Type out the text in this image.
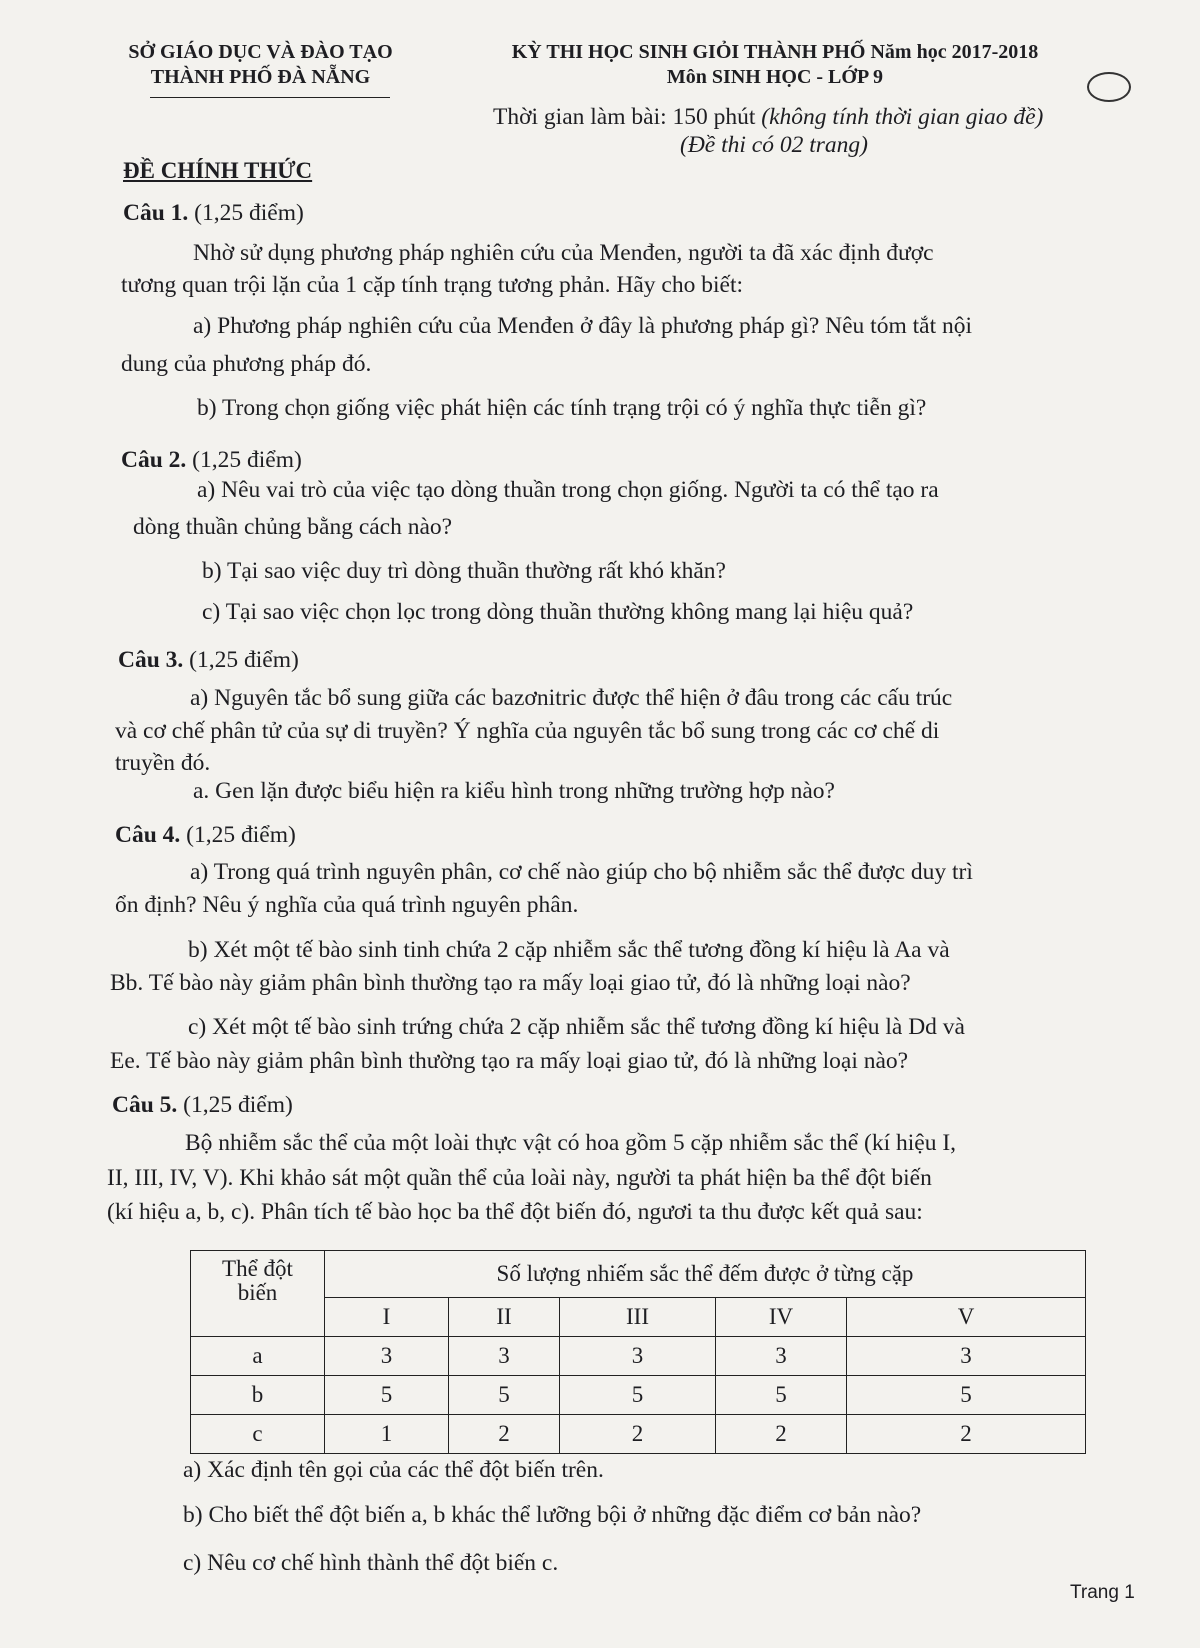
SỞ GIÁO DỤC VÀ ĐÀO TẠO
THÀNH PHỐ ĐÀ NẴNG
KỲ THI HỌC SINH GIỎI THÀNH PHỐ Năm học 2017-2018
Môn SINH HỌC - LỚP 9
Thời gian làm bài: 150 phút (không tính thời gian giao đề)
(Đề thi có 02 trang)
ĐỀ CHÍNH THỨC
Câu 1. (1,25 điểm)
Nhờ sử dụng phương pháp nghiên cứu của Menđen, người ta đã xác định được
tương quan trội lặn của 1 cặp tính trạng tương phản. Hãy cho biết:
a) Phương pháp nghiên cứu của Menđen ở đây là phương pháp gì? Nêu tóm tắt nội
dung của phương pháp đó.
b) Trong chọn giống việc phát hiện các tính trạng trội có ý nghĩa thực tiễn gì?
Câu 2. (1,25 điểm)
a) Nêu vai trò của việc tạo dòng thuần trong chọn giống. Người ta có thể tạo ra
dòng thuần chủng bằng cách nào?
b) Tại sao việc duy trì dòng thuần thường rất khó khăn?
c) Tại sao việc chọn lọc trong dòng thuần thường không mang lại hiệu quả?
Câu 3. (1,25 điểm)
a) Nguyên tắc bổ sung giữa các bazơnitric được thể hiện ở đâu trong các cấu trúc
và cơ chế phân tử của sự di truyền? Ý nghĩa của nguyên tắc bổ sung trong các cơ chế di
truyền đó.
a. Gen lặn được biểu hiện ra kiểu hình trong những trường hợp nào?
Câu 4. (1,25 điểm)
a) Trong quá trình nguyên phân, cơ chế nào giúp cho bộ nhiễm sắc thể được duy trì
ổn định? Nêu ý nghĩa của quá trình nguyên phân.
b) Xét một tế bào sinh tinh chứa 2 cặp nhiễm sắc thể tương đồng kí hiệu là Aa và
Bb. Tế bào này giảm phân bình thường tạo ra mấy loại giao tử, đó là những loại nào?
c) Xét một tế bào sinh trứng chứa 2 cặp nhiễm sắc thể tương đồng kí hiệu là Dd và
Ee. Tế bào này giảm phân bình thường tạo ra mấy loại giao tử, đó là những loại nào?
Câu 5. (1,25 điểm)
Bộ nhiễm sắc thể của một loài thực vật có hoa gồm 5 cặp nhiễm sắc thể (kí hiệu I,
II, III, IV, V). Khi khảo sát một quần thể của loài này, người ta phát hiện ba thể đột biến
(kí hiệu a, b, c). Phân tích tế bào học ba thể đột biến đó, ngươi ta thu được kết quả sau:
Thể đột
biến	Số lượng nhiếm sắc thể đếm được ở từng cặp				
	I	II	III	IV	V
a	3	3	3	3	3
b	5	5	5	5	5
c	1	2	2	2	2
a) Xác định tên gọi của các thể đột biến trên.
b) Cho biết thể đột biến a, b khác thể lưỡng bội ở những đặc điểm cơ bản nào?
c) Nêu cơ chế hình thành thể đột biến c.
Trang 1
